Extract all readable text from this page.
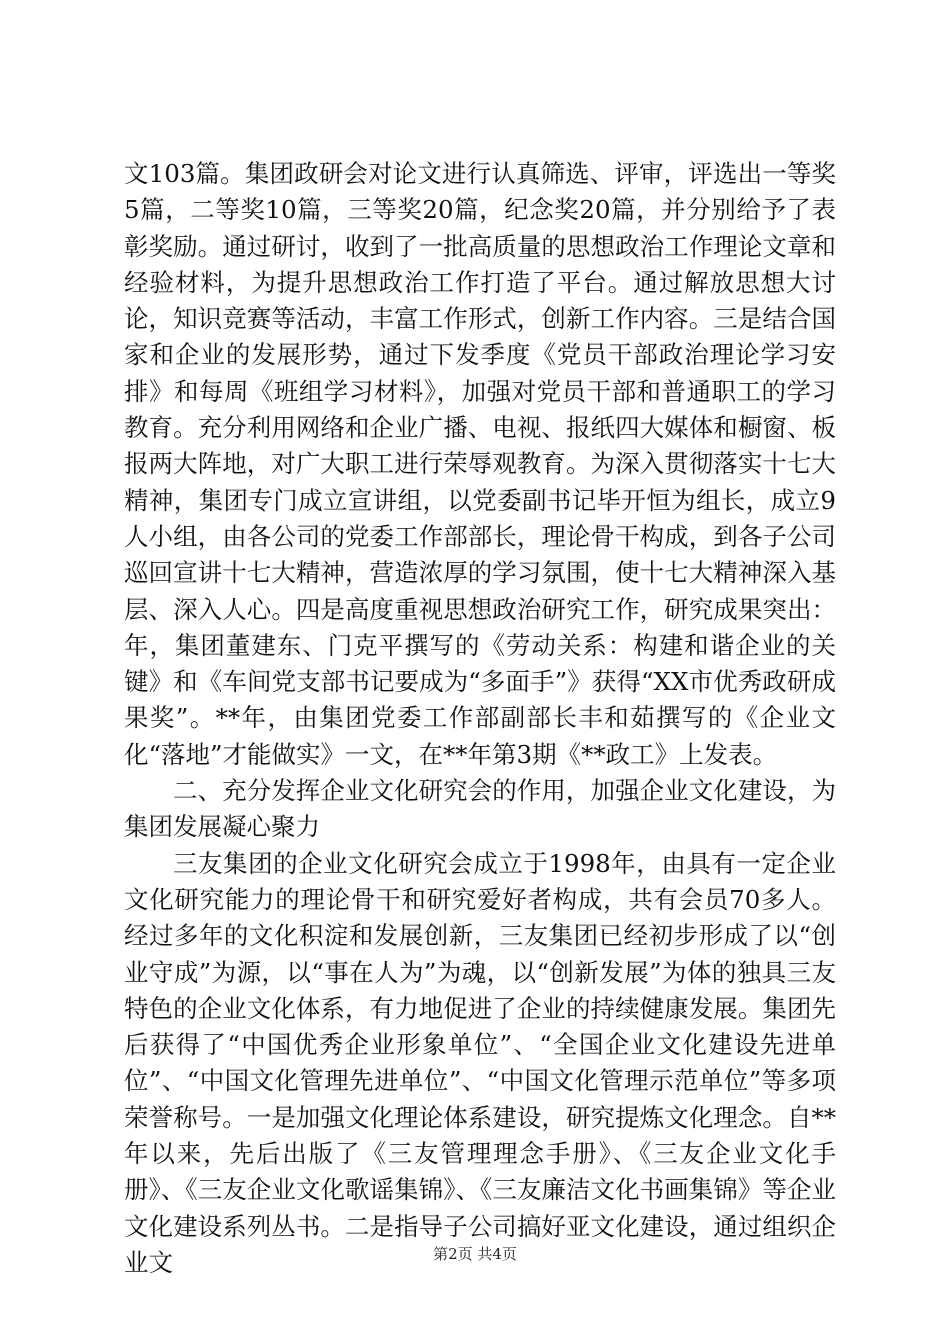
文103篇。集团政研会对论文进行认真筛选、评审，评选出一等奖5篇，二等奖10篇，三等奖20篇，纪念奖20篇，并分别给予了表彰奖励。通过研讨，收到了一批高质量的思想政治工作理论文章和经验材料，为提升思想政治工作打造了平台。通过解放思想大讨论，知识竞赛等活动，丰富工作形式，创新工作内容。三是结合国家和企业的发展形势，通过下发季度《党员干部政治理论学习安排》和每周《班组学习材料》，加强对党员干部和普通职工的学习教育。充分利用网络和企业广播、电视、报纸四大媒体和橱窗、板报两大阵地，对广大职工进行荣辱观教育。为深入贯彻落实十七大精神，集团专门成立宣讲组，以党委副书记毕开恒为组长，成立9人小组，由各公司的党委工作部部长，理论骨干构成，到各子公司巡回宣讲十七大精神，营造浓厚的学习氛围，使十七大精神深入基层、深入人心。四是高度重视思想政治研究工作，研究成果突出：年，集团董建东、门克平撰写的《劳动关系：构建和谐企业的关键》和《车间党支部书记要成为“多面手”》获得“XX市优秀政研成果奖”。**年，由集团党委工作部副部长丰和茹撰写的《企业文化“落地”才能做实》一文，在**年第3期《**政工》上发表。

二、充分发挥企业文化研究会的作用，加强企业文化建设，为集团发展凝心聚力

三友集团的企业文化研究会成立于1998年，由具有一定企业文化研究能力的理论骨干和研究爱好者构成，共有会员70多人。经过多年的文化积淀和发展创新，三友集团已经初步形成了以“创业守成”为源，以“事在人为”为魂，以“创新发展”为体的独具三友特色的企业文化体系，有力地促进了企业的持续健康发展。集团先后获得了“中国优秀企业形象单位”、“全国企业文化建设先进单位”、“中国文化管理先进单位”、“中国文化管理示范单位”等多项荣誉称号。一是加强文化理论体系建设，研究提炼文化理念。自**年以来，先后出版了《三友管理理念手册》、《三友企业文化手册》、《三友企业文化歌谣集锦》、《三友廉洁文化书画集锦》等企业文化建设系列丛书。二是指导子公司搞好亚文化建设，通过组织企业文	第2页 共4页
